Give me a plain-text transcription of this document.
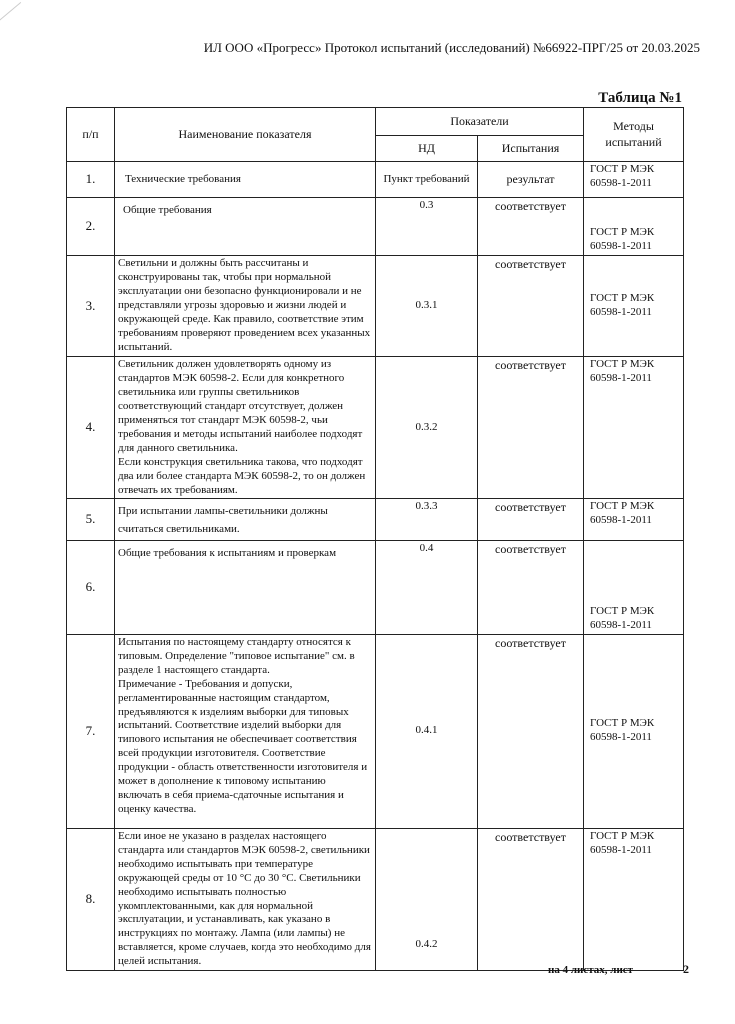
ИЛ ООО «Прогресс» Протокол испытаний (исследований) №66922-ПРГ/25 от 20.03.2025
Таблица №1
п/п	Наименование показателя	Показатели		Методы испытаний
		НД	Испытания	
1.	Технические требования	Пункт требований	результат	ГОСТ Р МЭК 60598-1-2011
2.	Общие требования	0.3	соответствует	ГОСТ Р МЭК 60598-1-2011
3.	Светильни и должны быть рассчитаны и сконструированы так, чтобы при нормальной эксплуатации они безопасно функционировали и не представляли угрозы здоровью и жизни людей и окружающей среде. Как правило, соответствие этим требованиям проверяют проведением всех указанных испытаний.	0.3.1	соответствует	ГОСТ Р МЭК 60598-1-2011
4.	Светильник должен удовлетворять одному из стандартов МЭК 60598-2. Если для конкретного светильника или группы светильников соответствующий стандарт отсутствует, должен применяться тот стандарт МЭК 60598-2, чьи требования и методы испытаний наиболее подходят для данного светильника.
Если конструкция светильника такова, что подходят два или более стандарта МЭК 60598-2, то он должен отвечать их требованиям.	0.3.2	соответствует	ГОСТ Р МЭК 60598-1-2011
5.	При испытании лампы-светильники должны считаться светильниками.	0.3.3	соответствует	ГОСТ Р МЭК 60598-1-2011
6.	Общие требования к испытаниям и проверкам	0.4	соответствует	ГОСТ Р МЭК 60598-1-2011
7.	Испытания по настоящему стандарту относятся к типовым. Определение "типовое испытание" см. в разделе 1 настоящего стандарта.
Примечание - Требования и допуски, регламентированные настоящим стандартом, предъявляются к изделиям выборки для типовых испытаний. Соответствие изделий выборки для типового испытания не обеспечивает соответствия всей продукции изготовителя. Соответствие продукции - область ответственности изготовителя и может в дополнение к типовому испытанию включать в себя приема-сдаточные испытания и оценку качества.	0.4.1	соответствует	ГОСТ Р МЭК 60598-1-2011
8.	Если иное не указано в разделах настоящего стандарта или стандартов МЭК 60598-2, светильники необходимо испытывать при температуре окружающей среды от 10 °С до 30 °С. Светильники необходимо испытывать полностью укомплектованными, как для нормальной эксплуатации, и устанавливать, как указано в инструкциях по монтажу. Лампа (или лампы) не вставляется, кроме случаев, когда это необходимо для целей испытания.	0.4.2	соответствует	ГОСТ Р МЭК 60598-1-2011
на 4 листах, лист	2
